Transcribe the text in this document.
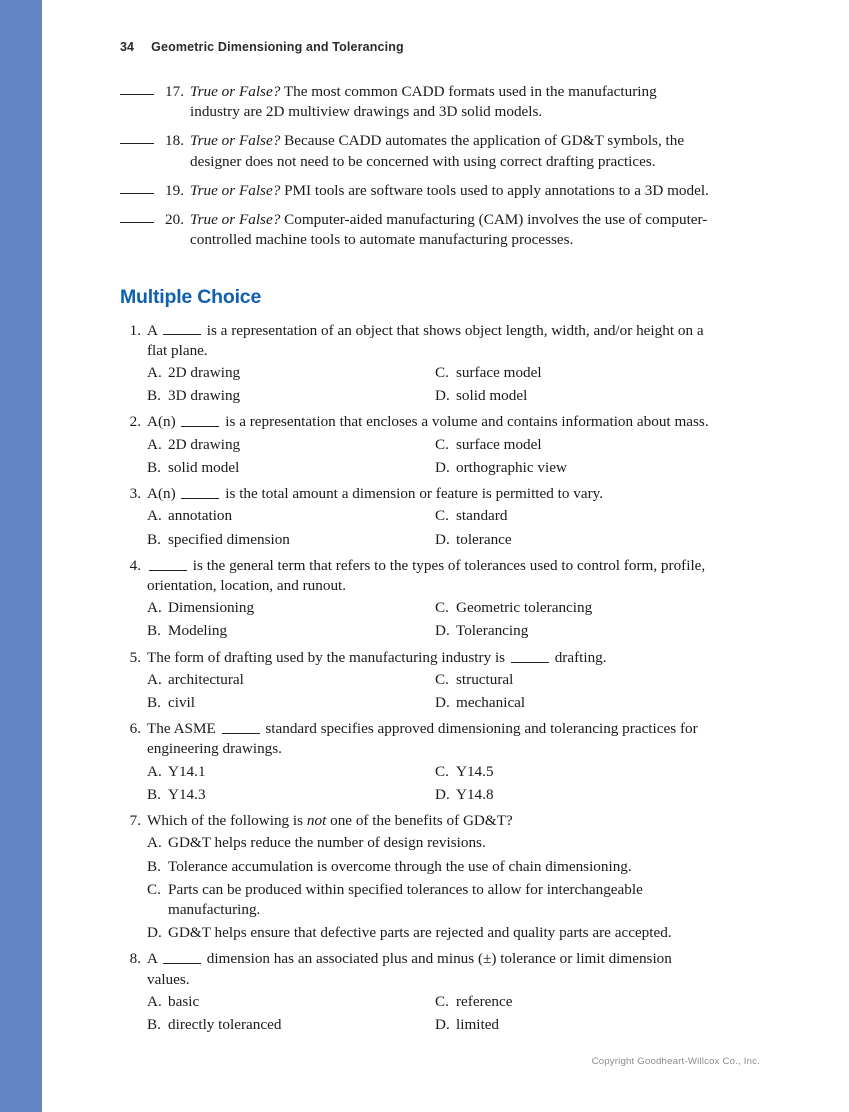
34 Geometric Dimensioning and Tolerancing
17. True or False? The most common CADD formats used in the manufacturing industry are 2D multiview drawings and 3D solid models.
18. True or False? Because CADD automates the application of GD&T symbols, the designer does not need to be concerned with using correct drafting practices.
19. True or False? PMI tools are software tools used to apply annotations to a 3D model.
20. True or False? Computer-aided manufacturing (CAM) involves the use of computer-controlled machine tools to automate manufacturing processes.
Multiple Choice
1. A	is a representation of an object that shows object length, width, and/or height on a flat plane.
A. 2D drawing	C. surface model
B. 3D drawing	D. solid model
2. A(n)	is a representation that encloses a volume and contains information about mass.
A. 2D drawing	C. surface model
B. solid model	D. orthographic view
3. A(n)	is the total amount a dimension or feature is permitted to vary.
A. annotation	C. standard
B. specified dimension	D. tolerance
4.	is the general term that refers to the types of tolerances used to control form, profile, orientation, location, and runout.
A. Dimensioning	C. Geometric tolerancing
B. Modeling	D. Tolerancing
5. The form of drafting used by the manufacturing industry is	drafting.
A. architectural	C. structural
B. civil	D. mechanical
6. The ASME	standard specifies approved dimensioning and tolerancing practices for engineering drawings.
A. Y14.1	C. Y14.5
B. Y14.3	D. Y14.8
7. Which of the following is not one of the benefits of GD&T?
A. GD&T helps reduce the number of design revisions.
B. Tolerance accumulation is overcome through the use of chain dimensioning.
C. Parts can be produced within specified tolerances to allow for interchangeable manufacturing.
D. GD&T helps ensure that defective parts are rejected and quality parts are accepted.
8. A	dimension has an associated plus and minus (±) tolerance or limit dimension values.
A. basic	C. reference
B. directly toleranced	D. limited
Copyright Goodheart-Willcox Co., Inc.
